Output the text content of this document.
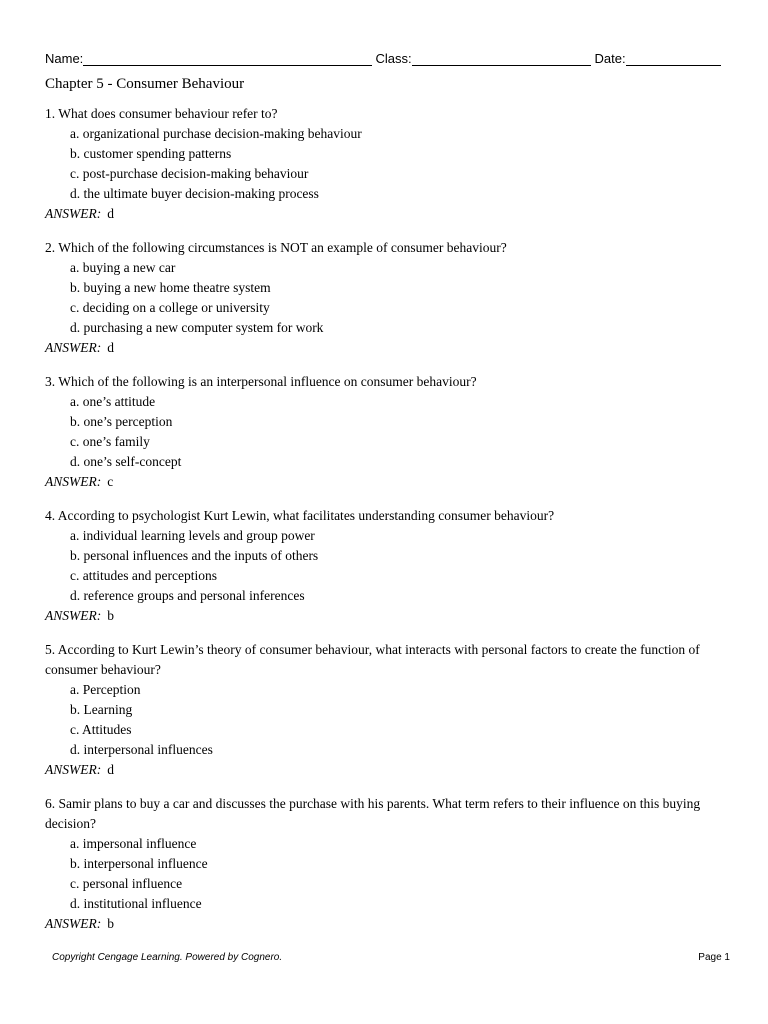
Name:	Class:	Date:
Chapter 5 - Consumer Behaviour

1. What does consumer behaviour refer to?

a. organizational purchase decision-making behaviour
b. customer spending patterns
c. post-purchase decision-making behaviour
d. the ultimate buyer decision-making process

ANSWER: d

2. Which of the following circumstances is NOT an example of consumer behaviour?

a. buying a new car
b. buying a new home theatre system
c. deciding on a college or university
d. purchasing a new computer system for work

ANSWER: d

3. Which of the following is an interpersonal influence on consumer behaviour?

a. one’s attitude
b. one’s perception
c. one’s family
d. one’s self-concept

ANSWER: c

4. According to psychologist Kurt Lewin, what facilitates understanding consumer behaviour?

a. individual learning levels and group power
b. personal influences and the inputs of others
c. attitudes and perceptions
d. reference groups and personal inferences

ANSWER: b

5. According to Kurt Lewin’s theory of consumer behaviour, what interacts with personal factors to create the function of consumer behaviour?

a. Perception
b. Learning
c. Attitudes
d. interpersonal influences

ANSWER: d

6. Samir plans to buy a car and discusses the purchase with his parents. What term refers to their influence on this buying decision?

a. impersonal influence
b. interpersonal influence
c. personal influence
d. institutional influence

ANSWER: b

Copyright Cengage Learning. Powered by Cognero.	Page 1
